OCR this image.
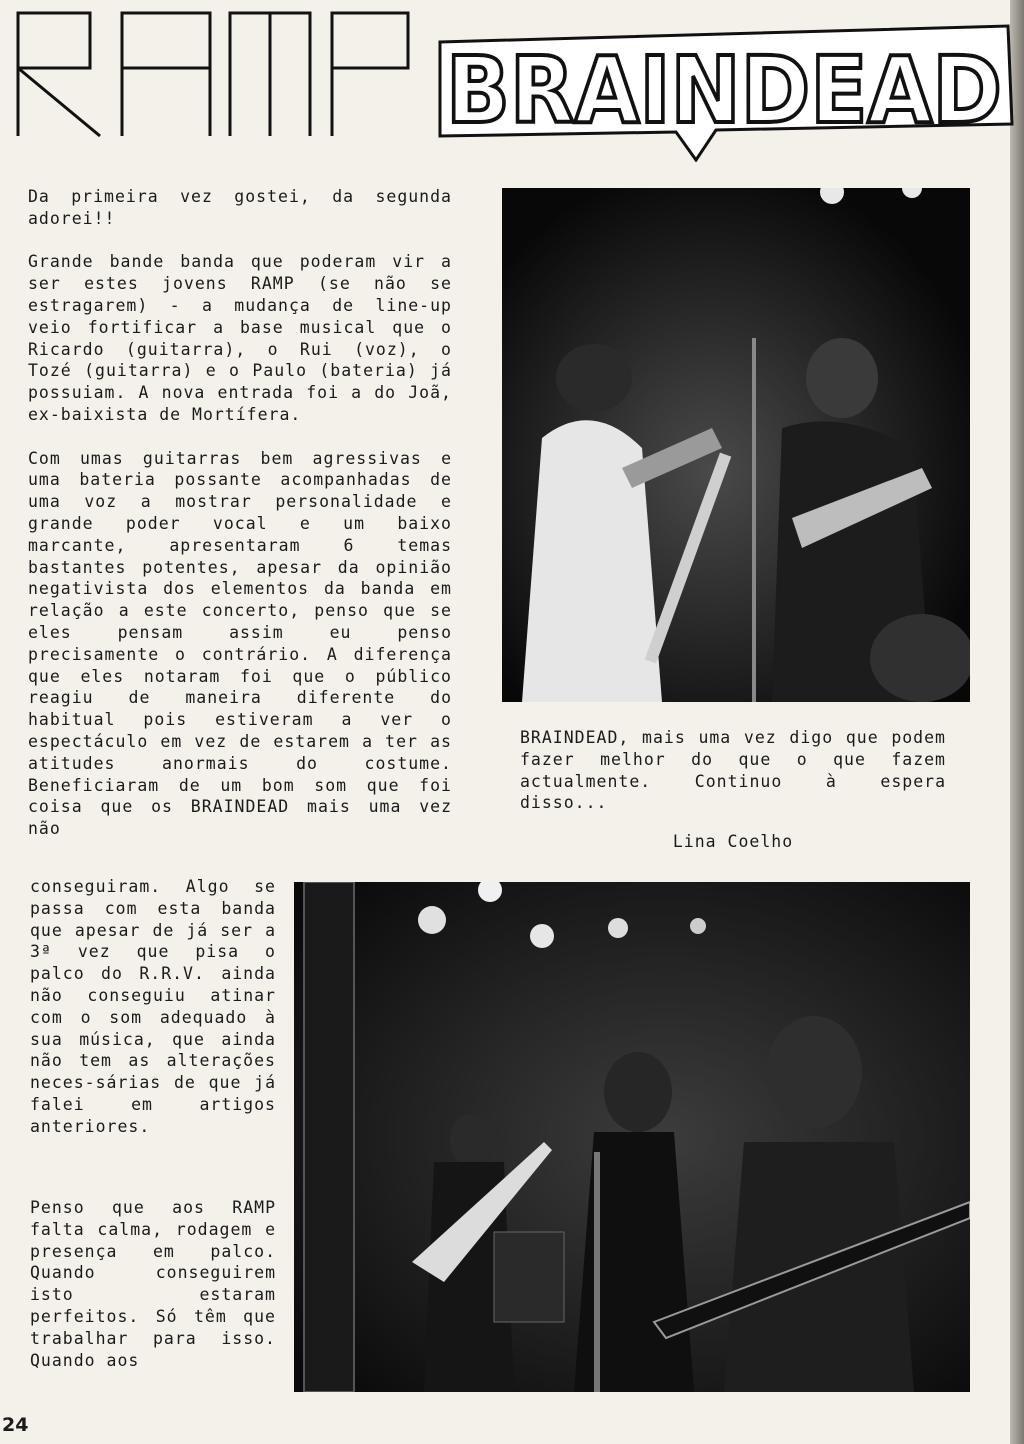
BRAINDEAD

Da primeira vez gostei, da segunda adorei!!

Grande bande banda que poderam vir a ser estes jovens RAMP (se não se estragarem) - a mudança de line-up veio fortificar a base musical que o Ricardo (guitarra), o Rui (voz), o Tozé (guitarra) e o Paulo (bateria) já possuiam. A nova entrada foi a do Joã, ex-baixista de Mortífera.

Com umas guitarras bem agressivas e uma bateria possante acompanhadas de uma voz a mostrar personalidade e grande poder vocal e um baixo marcante, apresentaram 6 temas bastantes potentes, apesar da opinião negativista dos elementos da banda em relação a este concerto, penso que se eles pensam assim eu penso precisamente o contrário. A diferença que eles notaram foi que o público reagiu de maneira diferente do habitual pois estiveram a ver o espectáculo em vez de estarem a ter as atitudes anormais do costume. Beneficiaram de um bom som que foi coisa que os BRAINDEAD mais uma vez não

conseguiram. Algo se passa com esta banda que apesar de já ser a 3ª vez que pisa o palco do R.R.V. ainda não conseguiu atinar com o som adequado à sua música, que ainda não tem as alterações neces-sárias de que já falei em artigos anteriores.

Penso que aos RAMP falta calma, rodagem e presença em palco. Quando conseguirem isto estaram perfeitos. Só têm que trabalhar para isso. Quando aos

BRAINDEAD, mais uma vez digo que podem fazer melhor do que o que fazem actualmente. Continuo à espera disso...

Lina Coelho
24
